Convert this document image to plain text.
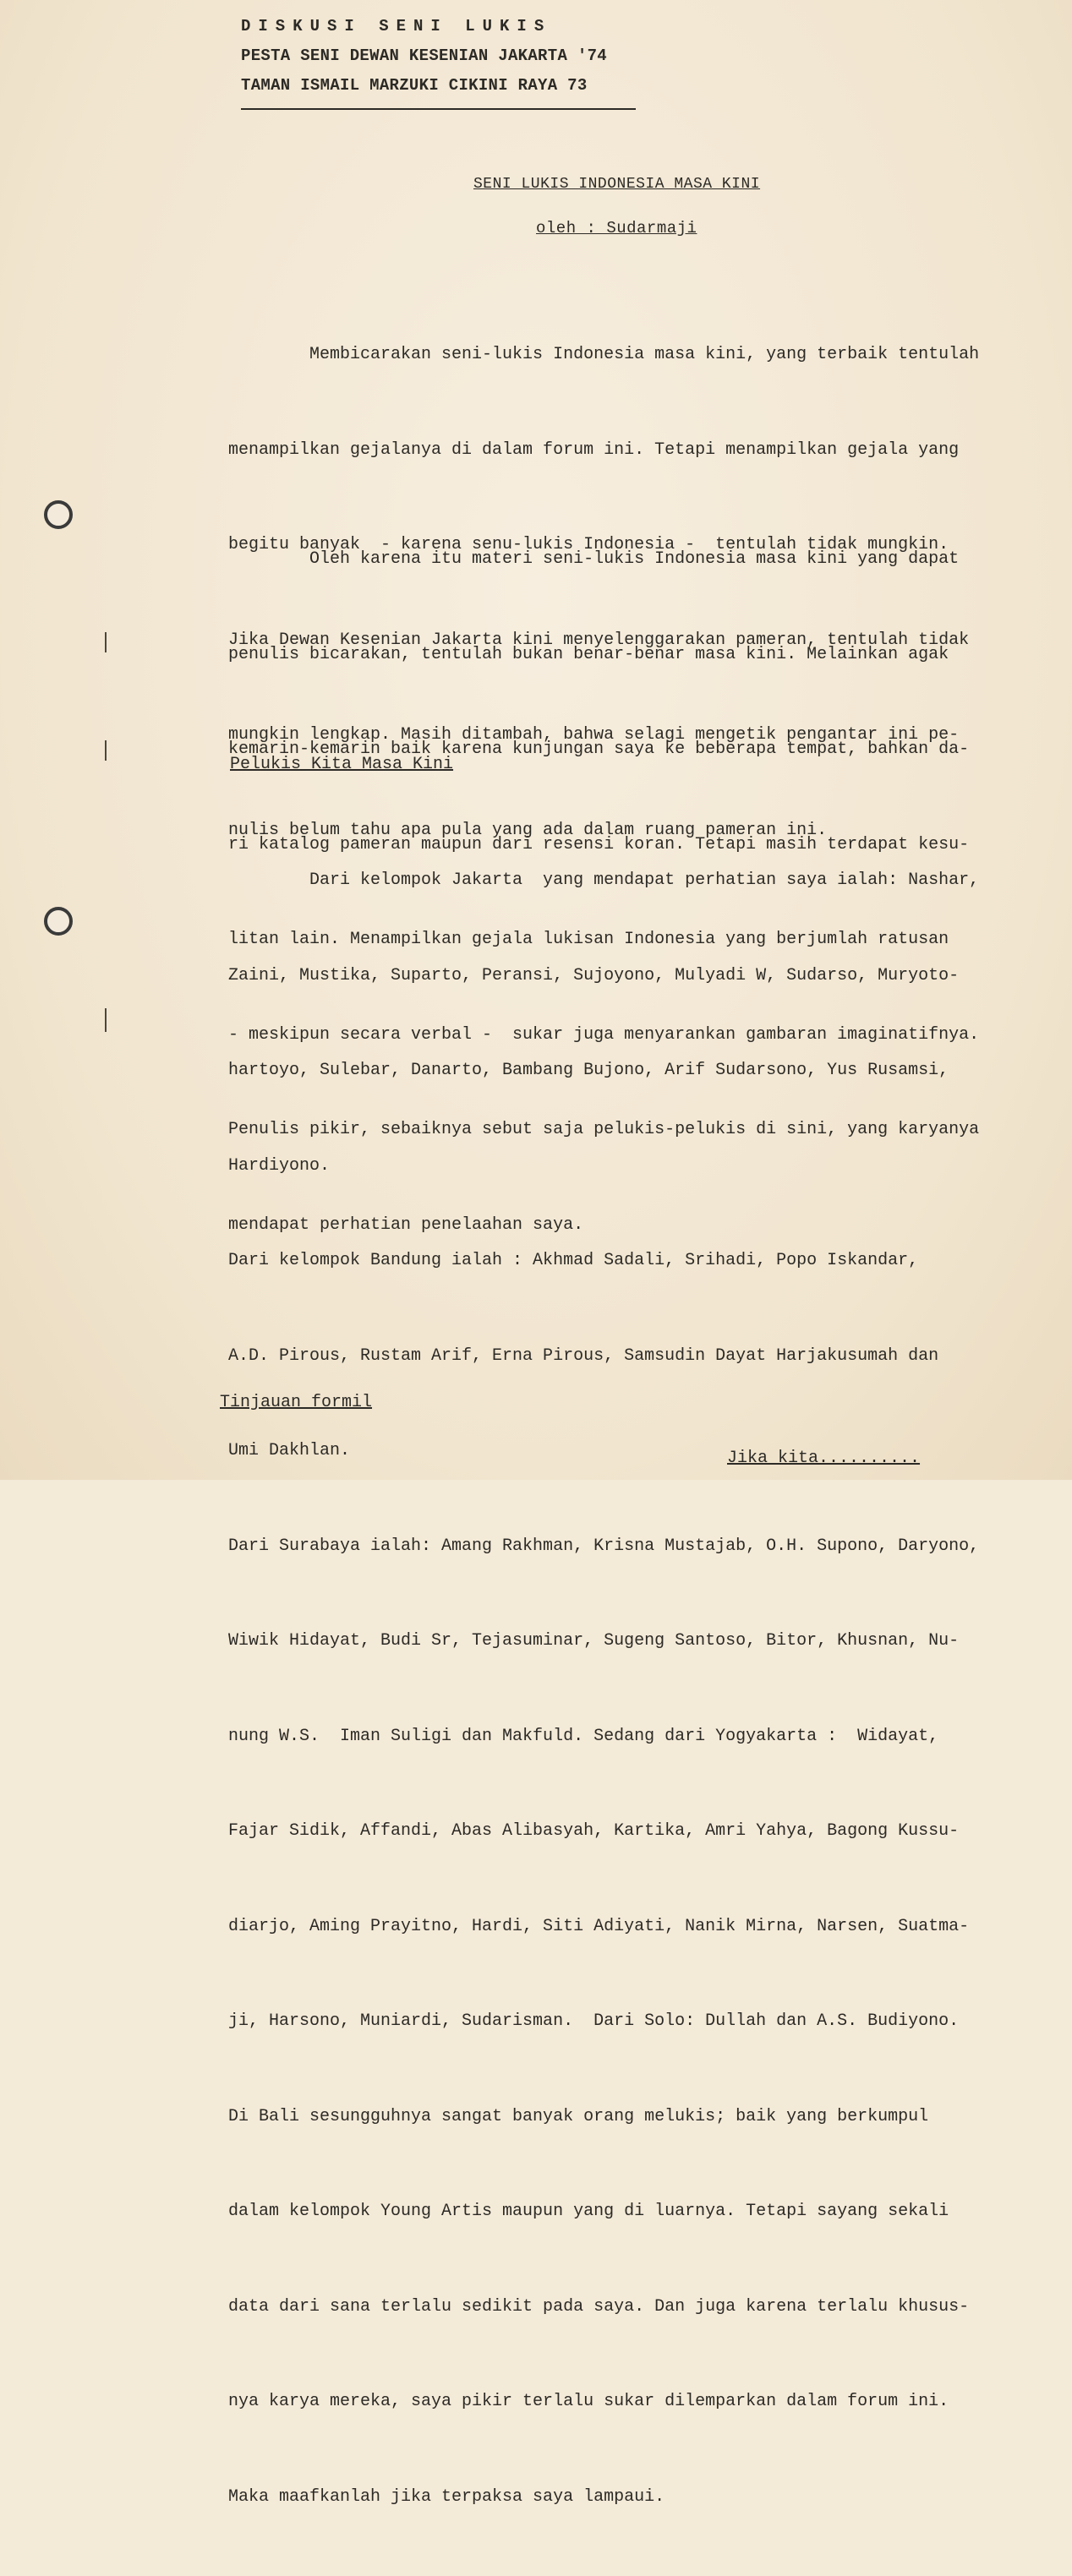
DISKUSI SENI LUKIS
PESTA SENI DEWAN KESENIAN JAKARTA '74
TAMAN ISMAIL MARZUKI CIKINI RAYA 73
SENI LUKIS INDONESIA MASA KINI
oleh : Sudarmaji

Membicarakan seni-lukis Indonesia masa kini, yang terbaik tentulah

menampilkan gejalanya di dalam forum ini. Tetapi menampilkan gejala yang

begitu banyak  - karena senu-lukis Indonesia -  tentulah tidak mungkin.

Jika Dewan Kesenian Jakarta kini menyelenggarakan pameran, tentulah tidak

mungkin lengkap. Masih ditambah, bahwa selagi mengetik pengantar ini pe-

nulis belum tahu apa pula yang ada dalam ruang pameran ini.

Oleh karena itu materi seni-lukis Indonesia masa kini yang dapat

penulis bicarakan, tentulah bukan benar-benar masa kini. Melainkan agak

kemarin-kemarin baik karena kunjungan saya ke beberapa tempat, bahkan da-

ri katalog pameran maupun dari resensi koran. Tetapi masih terdapat kesu-

litan lain. Menampilkan gejala lukisan Indonesia yang berjumlah ratusan

- meskipun secara verbal -  sukar juga menyarankan gambaran imaginatifnya.

Penulis pikir, sebaiknya sebut saja pelukis-pelukis di sini, yang karyanya

mendapat perhatian penelaahan saya.

Pelukis Kita Masa Kini

Dari kelompok Jakarta  yang mendapat perhatian saya ialah: Nashar,

Zaini, Mustika, Suparto, Peransi, Sujoyono, Mulyadi W, Sudarso, Muryoto-

hartoyo, Sulebar, Danarto, Bambang Bujono, Arif Sudarsono, Yus Rusamsi,

Hardiyono.

Dari kelompok Bandung ialah : Akhmad Sadali, Srihadi, Popo Iskandar,

A.D. Pirous, Rustam Arif, Erna Pirous, Samsudin Dayat Harjakusumah dan

Umi Dakhlan.

Dari Surabaya ialah: Amang Rakhman, Krisna Mustajab, O.H. Supono, Daryono,

Wiwik Hidayat, Budi Sr, Tejasuminar, Sugeng Santoso, Bitor, Khusnan, Nu-

nung W.S.  Iman Suligi dan Makfuld. Sedang dari Yogyakarta :  Widayat,

Fajar Sidik, Affandi, Abas Alibasyah, Kartika, Amri Yahya, Bagong Kussu-

diarjo, Aming Prayitno, Hardi, Siti Adiyati, Nanik Mirna, Narsen, Suatma-

ji, Harsono, Muniardi, Sudarisman.  Dari Solo: Dullah dan A.S. Budiyono.

Di Bali sesungguhnya sangat banyak orang melukis; baik yang berkumpul

dalam kelompok Young Artis maupun yang di luarnya. Tetapi sayang sekali

data dari sana terlalu sedikit pada saya. Dan juga karena terlalu khusus-

nya karya mereka, saya pikir terlalu sukar dilemparkan dalam forum ini.

Maka maafkanlah jika terpaksa saya lampaui.

Tinjauan formil
Jika kita..........
